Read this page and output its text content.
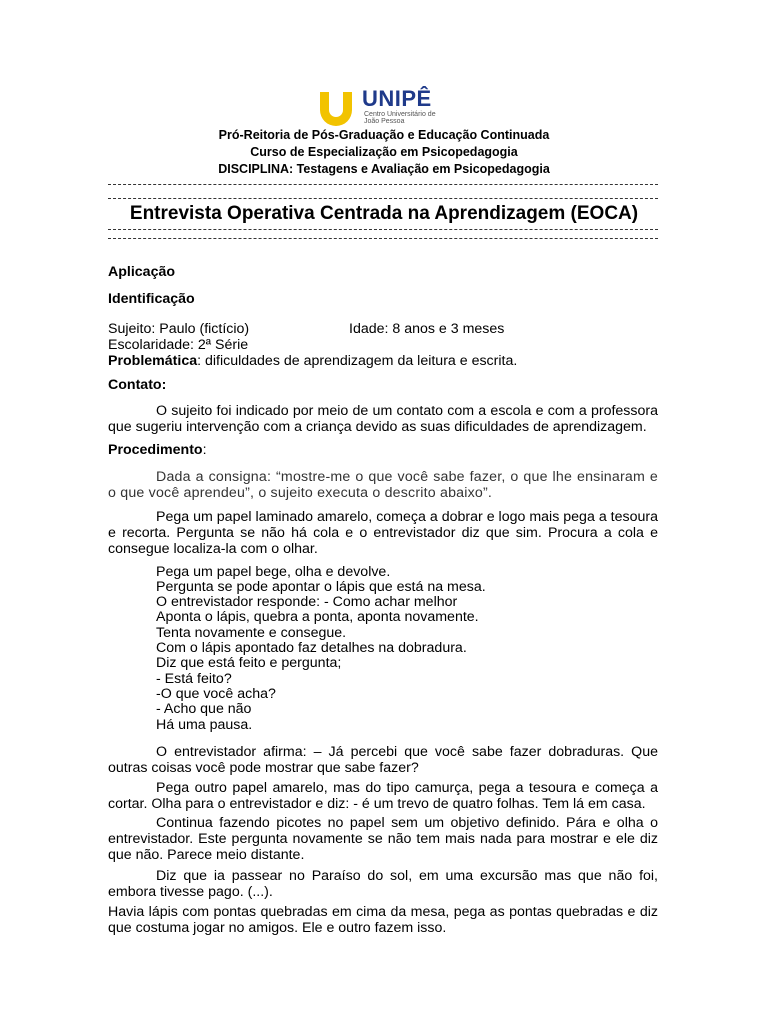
UNIPÊ
Centro Universitário de João Pessoa
Pró-Reitoria de Pós-Graduação e Educação Continuada
Curso de Especialização em Psicopedagogia
DISCIPLINA: Testagens e Avaliação em Psicopedagogia
Entrevista Operativa Centrada na Aprendizagem (EOCA)
Aplicação
Identificação
Sujeito: Paulo (fictício)	Idade: 8 anos e 3 meses
Escolaridade: 2ª Série
Problemática: dificuldades de aprendizagem da leitura e escrita.
Contato:
O sujeito foi indicado por meio de um contato com a escola e com a professora que sugeriu intervenção com a criança devido as suas dificuldades de aprendizagem.
Procedimento:
Dada a consigna: “mostre-me o que você sabe fazer, o que lhe ensinaram e o que você aprendeu”, o sujeito executa o descrito abaixo”.
Pega um papel laminado amarelo, começa a dobrar e logo mais pega a tesoura e recorta. Pergunta se não há cola e o entrevistador diz que sim. Procura a cola e consegue localiza-la com o olhar.
Pega um papel bege, olha e devolve.
Pergunta se pode apontar o lápis que está na mesa.
O entrevistador responde: - Como achar melhor
Aponta o lápis, quebra a ponta, aponta novamente.
Tenta novamente e consegue.
Com o lápis apontado faz detalhes na dobradura.
Diz que está feito e pergunta;
- Está feito?
-O que você acha?
- Acho que não
Há uma pausa.
O entrevistador afirma: – Já percebi que você sabe fazer dobraduras. Que outras coisas você pode mostrar que sabe fazer?
Pega outro papel amarelo, mas do tipo camurça, pega a tesoura e começa a cortar. Olha para o entrevistador e diz: - é um trevo de quatro folhas. Tem lá em casa.
Continua fazendo picotes no papel sem um objetivo definido. Pára e olha o entrevistador. Este pergunta novamente se não tem mais nada para mostrar e ele diz que não. Parece meio distante.
Diz que ia passear no Paraíso do sol, em uma excursão mas que não foi, embora tivesse pago. (...).
Havia lápis com pontas quebradas em cima da mesa, pega as pontas quebradas e diz que costuma jogar no amigos. Ele e outro fazem isso.
